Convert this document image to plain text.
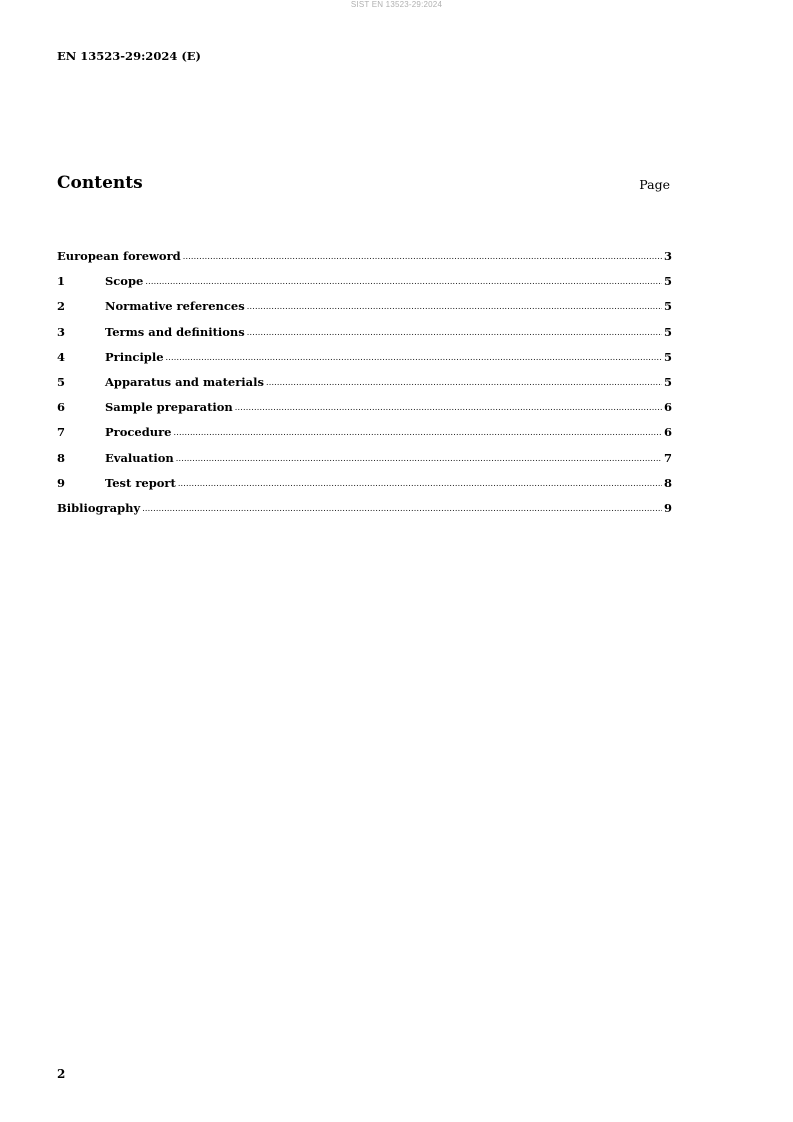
SIST EN 13523-29:2024
EN 13523-29:2024 (E)
Contents	Page
European foreword .....	3
1	Scope .....	5
2	Normative references .....	5
3	Terms and definitions .....	5
4	Principle .....	5
5	Apparatus and materials .....	5
6	Sample preparation .....	6
7	Procedure .....	6
8	Evaluation .....	7
9	Test report .....	8
Bibliography .....	9
2
